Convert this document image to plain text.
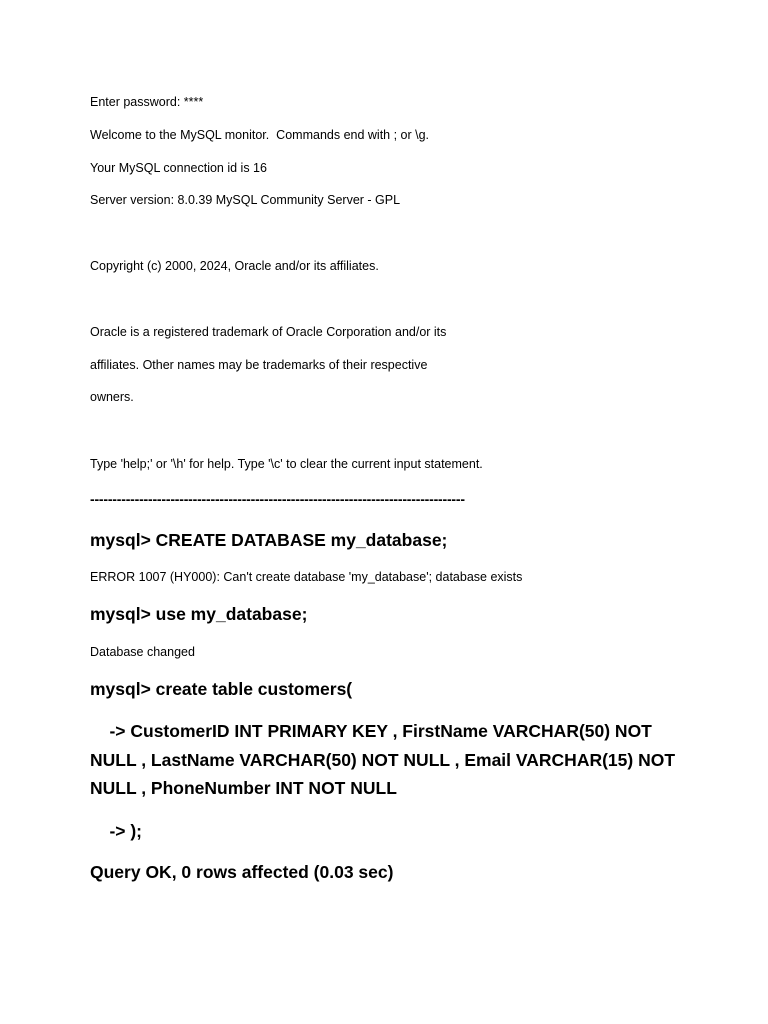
Enter password: ****
Welcome to the MySQL monitor.  Commands end with ; or \g.
Your MySQL connection id is 16
Server version: 8.0.39 MySQL Community Server - GPL
Copyright (c) 2000, 2024, Oracle and/or its affiliates.
Oracle is a registered trademark of Oracle Corporation and/or its
affiliates. Other names may be trademarks of their respective
owners.
Type 'help;' or '\h' for help. Type '\c' to clear the current input statement.
------------------------------------------------------------------------------------
mysql> CREATE DATABASE my_database;
ERROR 1007 (HY000): Can't create database 'my_database'; database exists
mysql> use my_database;
Database changed
mysql> create table customers(
-> CustomerID INT PRIMARY KEY , FirstName VARCHAR(50) NOT NULL , LastName VARCHAR(50) NOT NULL , Email VARCHAR(15) NOT NULL , PhoneNumber INT NOT NULL
-> );
Query OK, 0 rows affected (0.03 sec)
